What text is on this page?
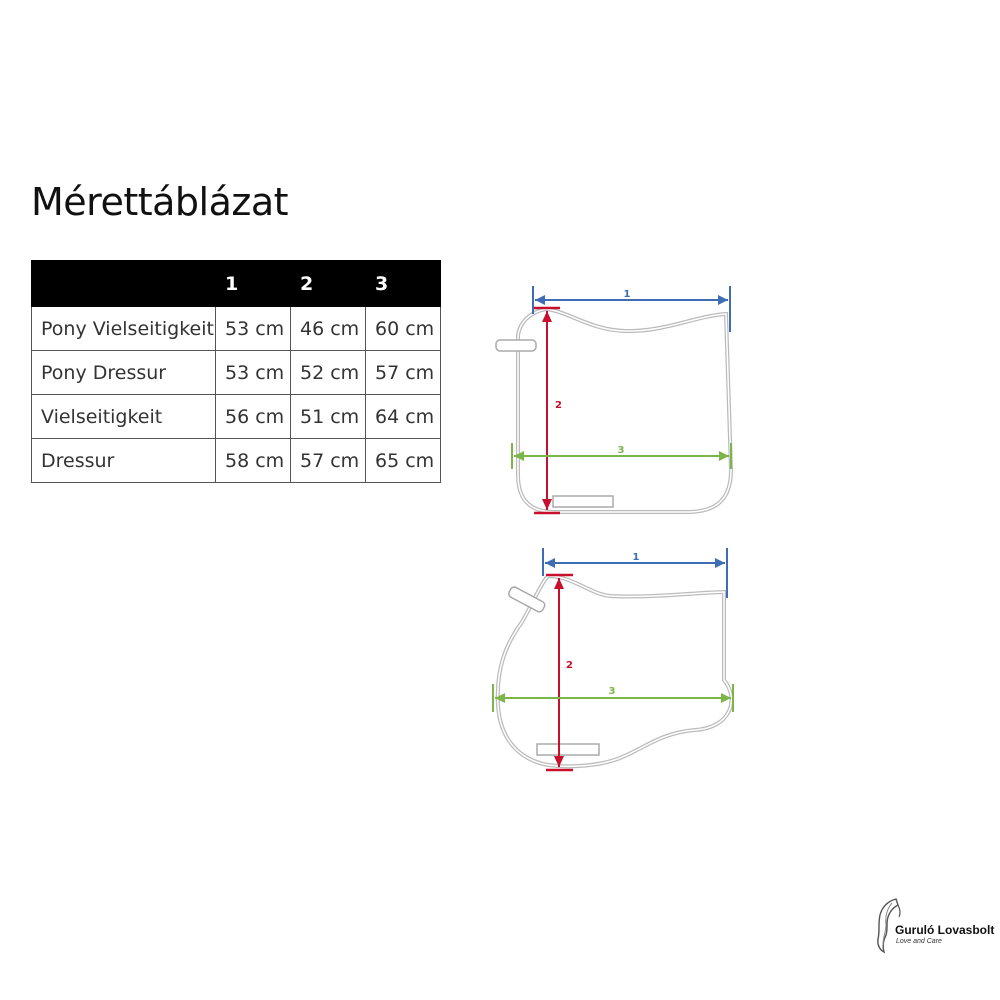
Mérettáblázat
	1	2	3
Pony Vielseitigkeit	53 cm	46 cm	60 cm
Pony Dressur	53 cm	52 cm	57 cm
Vielseitigkeit	56 cm	51 cm	64 cm
Dressur	58 cm	57 cm	65 cm
1
2
3
1
2
3
Guruló Lovasbolt
Love and Care
